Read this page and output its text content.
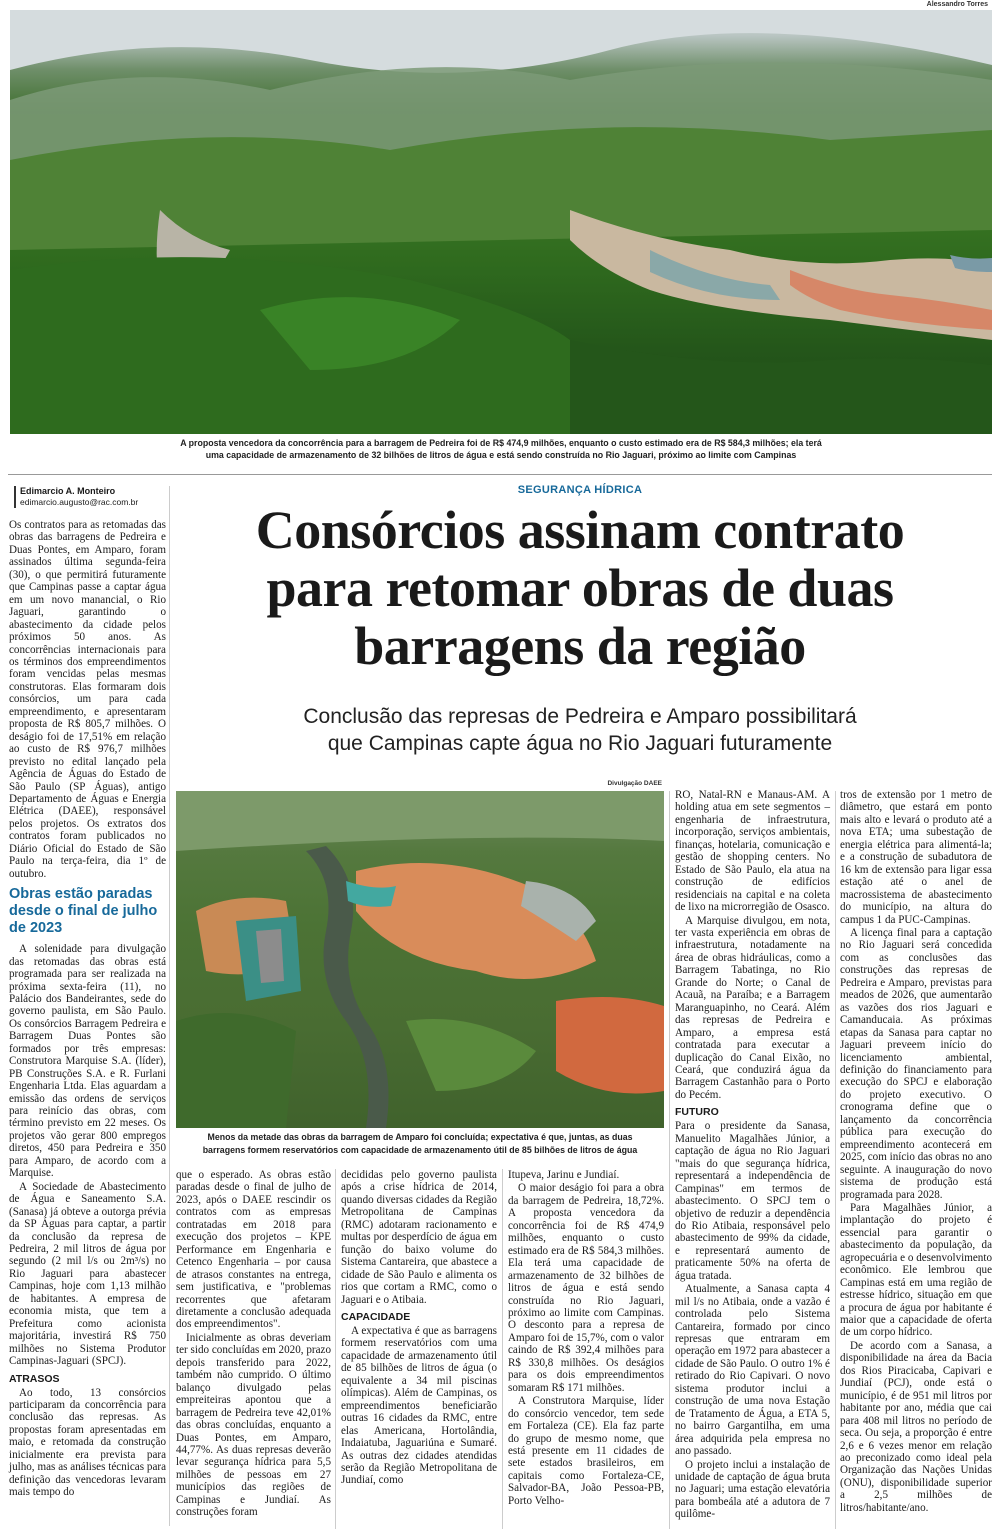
Alessandro Torres
A proposta vencedora da concorrência para a barragem de Pedreira foi de R$ 474,9 milhões, enquanto o custo estimado era de R$ 584,3 milhões; ela terá
uma capacidade de armazenamento de 32 bilhões de litros de água e está sendo construída no Rio Jaguari, próximo ao limite com Campinas
Edimarcio A. Monteiro
edimarcio.augusto@rac.com.br
SEGURANÇA HÍDRICA
Consórcios assinam contrato
para retomar obras de duas
barragens da região
Conclusão das represas de Pedreira e Amparo possibilitará
que Campinas capte água no Rio Jaguari futuramente

Os contratos para as retomadas das obras das barragens de Pedreira e Duas Pontes, em Amparo, foram assinados última segunda-feira (30), o que permitirá futuramente que Campinas passe a captar água em um novo manancial, o Rio Jaguari, garantindo o abastecimento da cidade pelos próximos 50 anos. As concorrências internacionais para os términos dos empreendimentos foram vencidas pelas mesmas construtoras. Elas formaram dois consórcios, um para cada empreendimento, e apresentaram proposta de R$ 805,7 milhões. O deságio foi de 17,51% em relação ao custo de R$ 976,7 milhões previsto no edital lançado pela Agência de Águas do Estado de São Paulo (SP Águas), antigo Departamento de Águas e Energia Elétrica (DAEE), responsável pelos projetos. Os extratos dos contratos foram publicados no Diário Oficial do Estado de São Paulo na terça-feira, dia 1º de outubro.

Obras estão paradas desde o final de julho de 2023

A solenidade para divulgação das retomadas das obras está programada para ser realizada na próxima sexta-feira (11), no Palácio dos Bandeirantes, sede do governo paulista, em São Paulo. Os consórcios Barragem Pedreira e Barragem Duas Pontes são formados por três empresas: Construtora Marquise S.A. (líder), PB Construções S.A. e R. Furlani Engenharia Ltda. Elas aguardam a emissão das ordens de serviços para reinício das obras, com término previsto em 22 meses. Os projetos vão gerar 800 empregos diretos, 450 para Pedreira e 350 para Amparo, de acordo com a Marquise.

A Sociedade de Abastecimento de Água e Saneamento S.A. (Sanasa) já obteve a outorga prévia da SP Águas para captar, a partir da conclusão da represa de Pedreira, 2 mil litros de água por segundo (2 mil l/s ou 2m³/s) no Rio Jaguari para abastecer Campinas, hoje com 1,13 milhão de habitantes. A empresa de economia mista, que tem a Prefeitura como acionista majoritária, investirá R$ 750 milhões no Sistema Produtor Campinas-Jaguari (SPCJ).

ATRASOS

Ao todo, 13 consórcios participaram da concorrência para conclusão das represas. As propostas foram apresentadas em maio, e retomada da construção inicialmente era prevista para julho, mas as análises técnicas para definição das vencedoras levaram mais tempo do

Divulgação DAEE
Menos da metade das obras da barragem de Amparo foi concluída; expectativa é que, juntas, as duas
barragens formem reservatórios com capacidade de armazenamento útil de 85 bilhões de litros de água

que o esperado. As obras estão paradas desde o final de julho de 2023, após o DAEE rescindir os contratos com as empresas contratadas em 2018 para execução dos projetos – KPE Performance em Engenharia e Cetenco Engenharia – por causa de atrasos constantes na entrega, sem justificativa, e "problemas recorrentes que afetaram diretamente a conclusão adequada dos empreendimentos".

Inicialmente as obras deveriam ter sido concluídas em 2020, prazo depois transferido para 2022, também não cumprido. O último balanço divulgado pelas empreiteiras apontou que a barragem de Pedreira teve 42,01% das obras concluídas, enquanto a Duas Pontes, em Amparo, 44,77%. As duas represas deverão levar segurança hídrica para 5,5 milhões de pessoas em 27 municípios das regiões de Campinas e Jundiaí. As construções foram

decididas pelo governo paulista após a crise hídrica de 2014, quando diversas cidades da Região Metropolitana de Campinas (RMC) adotaram racionamento e multas por desperdício de água em função do baixo volume do Sistema Cantareira, que abastece a cidade de São Paulo e alimenta os rios que cortam a RMC, como o Jaguari e o Atibaia.

CAPACIDADE

A expectativa é que as barragens formem reservatórios com uma capacidade de armazenamento útil de 85 bilhões de litros de água (o equivalente a 34 mil piscinas olímpicas). Além de Campinas, os empreendimentos beneficiarão outras 16 cidades da RMC, entre elas Americana, Hortolândia, Indaiatuba, Jaguariúna e Sumaré. As outras dez cidades atendidas serão da Região Metropolitana de Jundiaí, como

Itupeva, Jarinu e Jundiaí.

O maior deságio foi para a obra da barragem de Pedreira, 18,72%. A proposta vencedora da concorrência foi de R$ 474,9 milhões, enquanto o custo estimado era de R$ 584,3 milhões. Ela terá uma capacidade de armazenamento de 32 bilhões de litros de água e está sendo construída no Rio Jaguari, próximo ao limite com Campinas. O desconto para a represa de Amparo foi de 15,7%, com o valor caindo de R$ 392,4 milhões para R$ 330,8 milhões. Os deságios para os dois empreendimentos somaram R$ 171 milhões.

A Construtora Marquise, líder do consórcio vencedor, tem sede em Fortaleza (CE). Ela faz parte do grupo de mesmo nome, que está presente em 11 cidades de sete estados brasileiros, em capitais como Fortaleza-CE, Salvador-BA, João Pessoa-PB, Porto Velho-

RO, Natal-RN e Manaus-AM. A holding atua em sete segmentos – engenharia de infraestrutura, incorporação, serviços ambientais, finanças, hotelaria, comunicação e gestão de shopping centers. No Estado de São Paulo, ela atua na construção de edifícios residenciais na capital e na coleta de lixo na microrregião de Osasco.

A Marquise divulgou, em nota, ter vasta experiência em obras de infraestrutura, notadamente na área de obras hidráulicas, como a Barragem Tabatinga, no Rio Grande do Norte; o Canal de Acauã, na Paraíba; e a Barragem Maranguapinho, no Ceará. Além das represas de Pedreira e Amparo, a empresa está contratada para executar a duplicação do Canal Eixão, no Ceará, que conduzirá água da Barragem Castanhão para o Porto do Pecém.

FUTURO

Para o presidente da Sanasa, Manuelito Magalhães Júnior, a captação de água no Rio Jaguari "mais do que segurança hídrica, representará a independência de Campinas" em termos de abastecimento. O SPCJ tem o objetivo de reduzir a dependência do Rio Atibaia, responsável pelo abastecimento de 99% da cidade, e representará aumento de praticamente 50% na oferta de água tratada.

Atualmente, a Sanasa capta 4 mil l/s no Atibaia, onde a vazão é controlada pelo Sistema Cantareira, formado por cinco represas que entraram em operação em 1972 para abastecer a cidade de São Paulo. O outro 1% é retirado do Rio Capivari. O novo sistema produtor inclui a construção de uma nova Estação de Tratamento de Água, a ETA 5, no bairro Gargantilha, em uma área adquirida pela empresa no ano passado.

O projeto inclui a instalação de unidade de captação de água bruta no Jaguari; uma estação elevatória para bombeála até a adutora de 7 quilôme-

tros de extensão por 1 metro de diâmetro, que estará em ponto mais alto e levará o produto até a nova ETA; uma subestação de energia elétrica para alimentá-la; e a construção de subadutora de 16 km de extensão para ligar essa estação até o anel de macrossistema de abastecimento do município, na altura do campus 1 da PUC-Campinas.

A licença final para a captação no Rio Jaguari será concedida com as conclusões das construções das represas de Pedreira e Amparo, previstas para meados de 2026, que aumentarão as vazões dos rios Jaguari e Camanducaia. As próximas etapas da Sanasa para captar no Jaguari preveem início do licenciamento ambiental, definição do financiamento para execução do SPCJ e elaboração do projeto executivo. O cronograma define que o lançamento da concorrência pública para execução do empreendimento acontecerá em 2025, com início das obras no ano seguinte. A inauguração do novo sistema de produção está programada para 2028.

Para Magalhães Júnior, a implantação do projeto é essencial para garantir o abastecimento da população, da agropecuária e o desenvolvimento econômico. Ele lembrou que Campinas está em uma região de estresse hídrico, situação em que a procura de água por habitante é maior que a capacidade de oferta de um corpo hídrico.

De acordo com a Sanasa, a disponibilidade na área da Bacia dos Rios Piracicaba, Capivari e Jundiaí (PCJ), onde está o município, é de 951 mil litros por habitante por ano, média que cai para 408 mil litros no período de seca. Ou seja, a proporção é entre 2,6 e 6 vezes menor em relação ao preconizado como ideal pela Organização das Nações Unidas (ONU), disponibilidade superior a 2,5 milhões de litros/habitante/ano.
